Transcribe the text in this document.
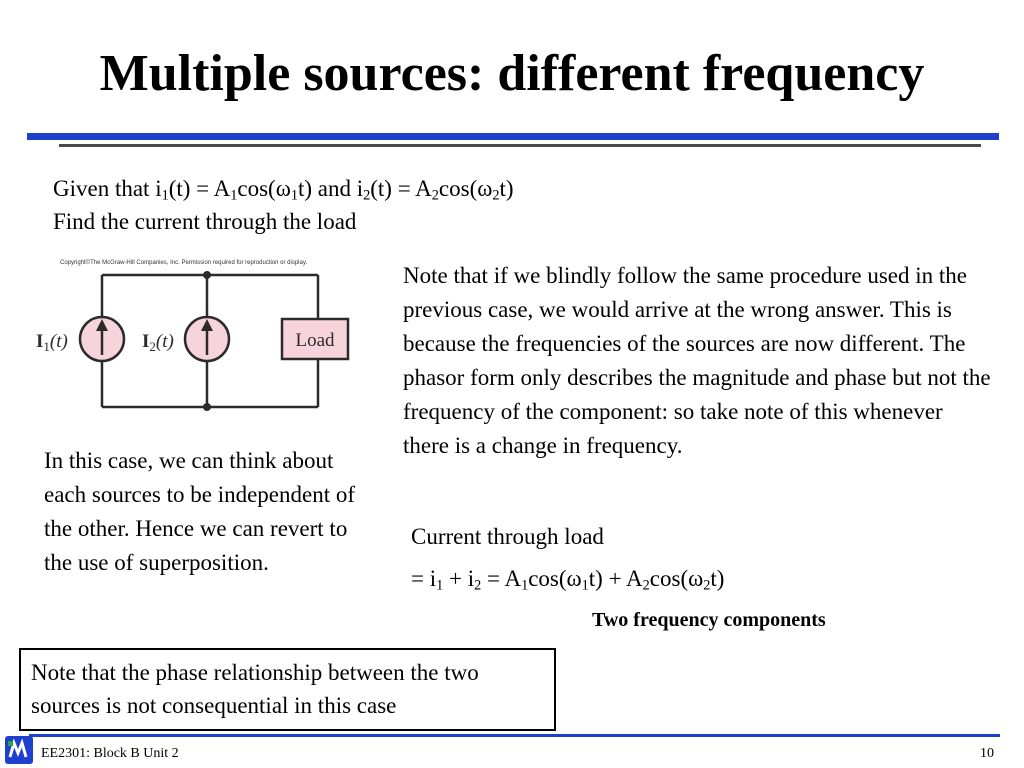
Multiple sources: different frequency

Given that $i_1(t) = A_1\cos(\omega_1t)$ and $i_2(t) = A_2\cos(\omega_2t)$

Find the current through the load

Copyright©The McGraw-Hill Companies, Inc. Permission required for reproduction or display.
$I_1(t)$	$I_2(t)$	Load

Note that if we blindly follow the same procedure used in the previous case, we would arrive at the wrong answer. This is because the frequencies of the sources are now different. The phasor form only describes the magnitude and phase but not the frequency of the component: so take note of this whenever there is a change in frequency.

In this case, we can think about each sources to be independent of the other. Hence we can revert to the use of superposition.

Current through load

= $i_1 + i_2 = A_1\cos(\omega_1t) + A_2\cos(\omega_2t)$

Two frequency components

Note that the phase relationship between the two sources is not consequential in this case
EE2301: Block B Unit 2	10
